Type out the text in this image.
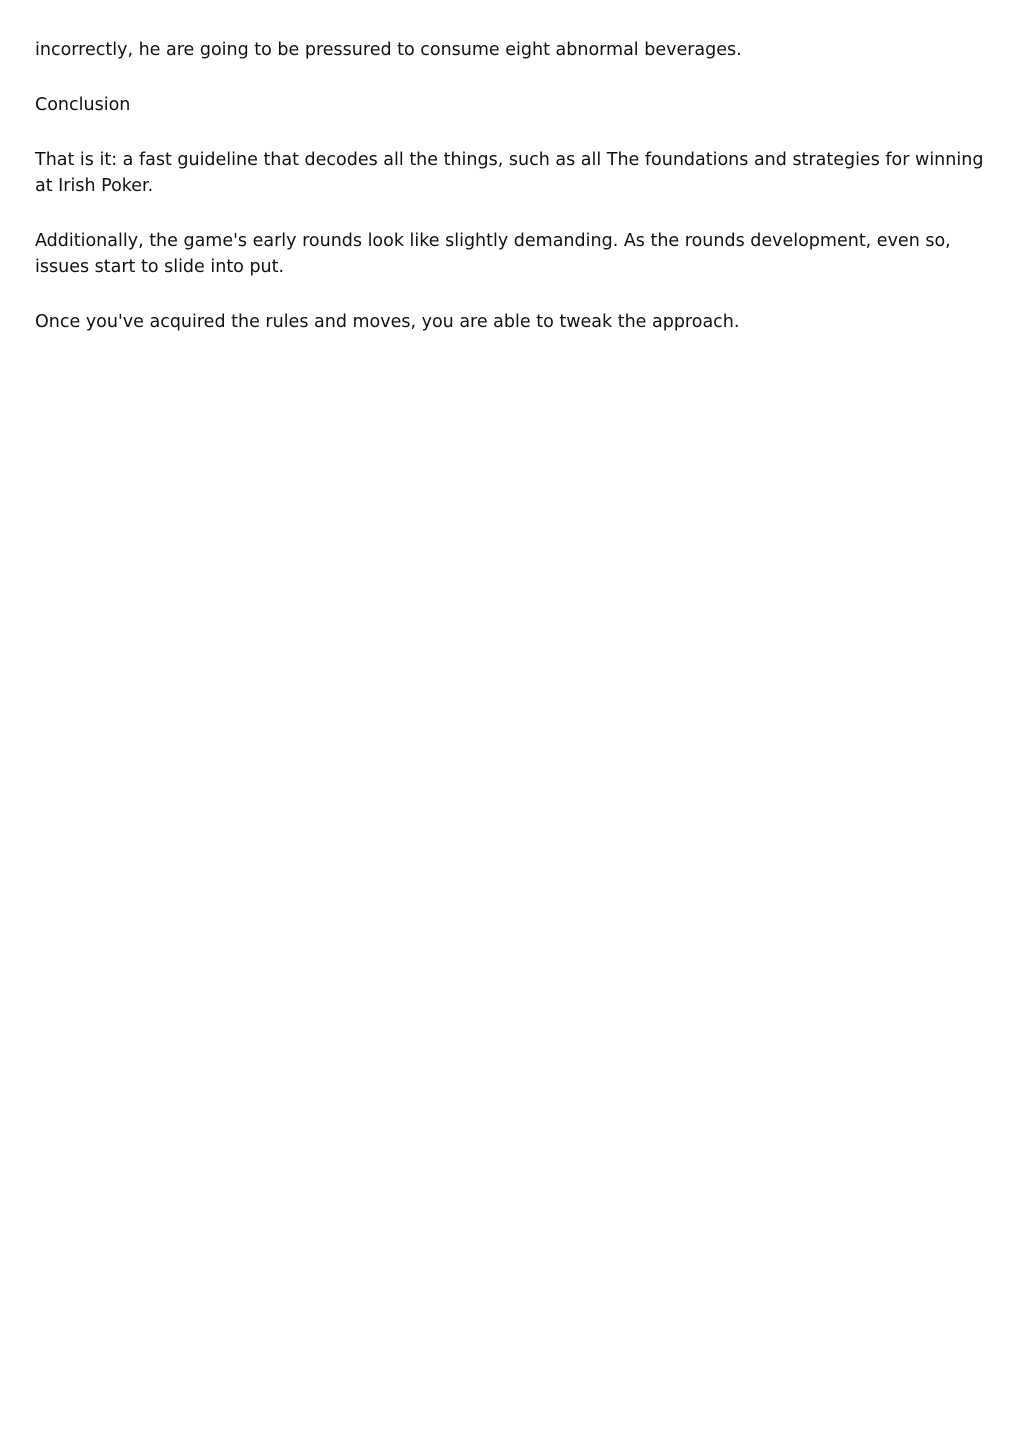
incorrectly, he are going to be pressured to consume eight abnormal beverages.

Conclusion

That is it: a fast guideline that decodes all the things, such as all The foundations and strategies for winning at Irish Poker.

Additionally, the game's early rounds look like slightly demanding. As the rounds development, even so, issues start to slide into put.

Once you've acquired the rules and moves, you are able to tweak the approach.
